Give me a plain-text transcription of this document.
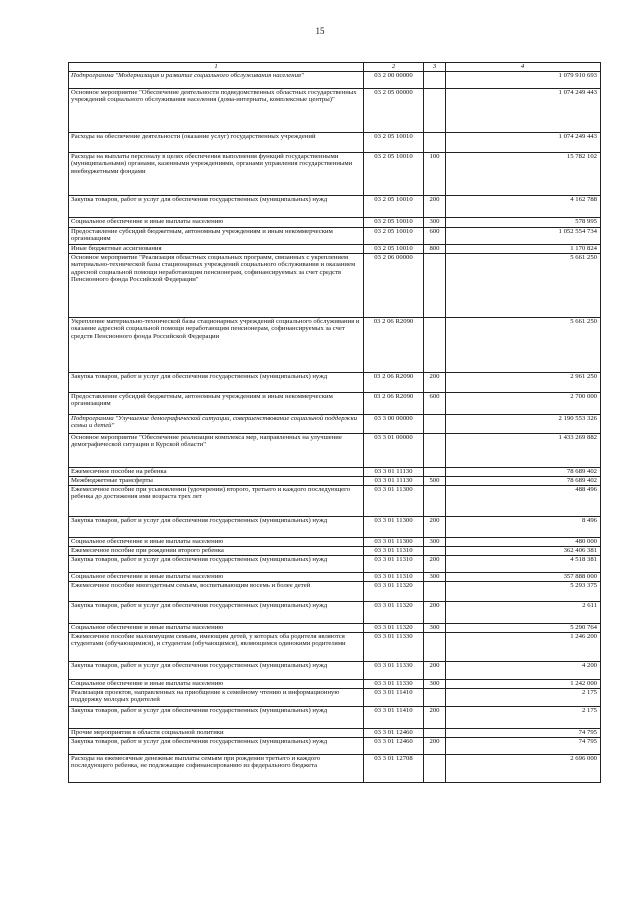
15
1	2	3	4
Подпрограмма "Модернизация и развитие социального обслуживания населения"	03 2 00 00000		1 079 910 693
Основное мероприятие "Обеспечение деятельности подведомственных областных государственных учреждений социального обслуживания населения (дома-интернаты, комплексные центры)"	03 2 05 00000		1 074 249 443
Расходы на обеспечение деятельности (оказание услуг) государственных учреждений	03 2 05 10010		1 074 249 443
Расходы на выплаты персоналу в целях обеспечения выполнения функций государственными (муниципальными) органами, казенными учреждениями, органами управления государственными внебюджетными фондами	03 2 05 10010	100	15 782 102
Закупка товаров, работ и услуг для обеспечения государственных (муниципальных) нужд	03 2 05 10010	200	4 162 788
Социальное обеспечение и иные выплаты населению	03 2 05 10010	300	578 995
Предоставление субсидий бюджетным, автономным учреждениям и иным некоммерческим организациям	03 2 05 10010	600	1 052 554 734
Иные бюджетные ассигнования	03 2 05 10010	800	1 170 824
Основное мероприятие "Реализация областных социальных программ, связанных с укреплением материально-технической базы стационарных учреждений социального обслуживания и оказанием адресной социальной помощи неработающим пенсионерам, софинансируемых за счет средств Пенсионного фонда Российской Федерации"	03 2 06 00000		5 661 250
Укрепление материально-технической базы стационарных учреждений социального обслуживания и оказание адресной социальной помощи неработающим пенсионерам, софинансируемых за счет средств Пенсионного фонда Российской Федерации	03 2 06 R2090		5 661 250
Закупка товаров, работ и услуг для обеспечения государственных (муниципальных) нужд	03 2 06 R2090	200	2 961 250
Предоставление субсидий бюджетным, автономным учреждениям и иным некоммерческим организациям	03 2 06 R2090	600	2 700 000
Подпрограмма "Улучшение демографической ситуации, совершенствование социальной поддержки семьи и детей"	03 3 00 00000		2 190 553 326
Основное мероприятие "Обеспечение реализации комплекса мер, направленных на улучшение демографической ситуации в Курской области"	03 3 01 00000		1 433 269 882
Ежемесячное пособие на ребенка	03 3 01 11130		78 689 402
Межбюджетные трансферты	03 3 01 11130	500	78 689 402
Ежемесячное пособие при усыновлении (удочерении) второго, третьего и каждого последующего ребенка до достижения ими возраста трех лет	03 3 01 11300		488 496
Закупка товаров, работ и услуг для обеспечения государственных (муниципальных) нужд	03 3 01 11300	200	8 496
Социальное обеспечение и иные выплаты населению	03 3 01 11300	300	480 000
Ежемесячное пособие при рождении второго ребенка	03 3 01 11310		362 406 381
Закупка товаров, работ и услуг для обеспечения государственных (муниципальных) нужд	03 3 01 11310	200	4 518 381
Социальное обеспечение и иные выплаты населению	03 3 01 11310	300	357 888 000
Ежемесячное пособие многодетным семьям, воспитывающим восемь и более детей	03 3 01 11320		5 293 375
Закупка товаров, работ и услуг для обеспечения государственных (муниципальных) нужд	03 3 01 11320	200	2 611
Социальное обеспечение и иные выплаты населению	03 3 01 11320	300	5 290 764
Ежемесячное пособие малоимущим семьям, имеющим детей, у которых оба родителя являются студентами (обучающимися), и студентам (обучающимся), являющимся одинокими родителями	03 3 01 11330		1 246 200
Закупка товаров, работ и услуг для обеспечения государственных (муниципальных) нужд	03 3 01 11330	200	4 200
Социальное обеспечение и иные выплаты населению	03 3 01 11330	300	1 242 000
Реализация проектов, направленных на приобщение к семейному чтению и информационную поддержку молодых родителей	03 3 01 11410		2 175
Закупка товаров, работ и услуг для обеспечения государственных (муниципальных) нужд	03 3 01 11410	200	2 175
Прочие мероприятия в области социальной политики	03 3 01 12460		74 795
Закупка товаров, работ и услуг для обеспечения государственных (муниципальных) нужд	03 3 01 12460	200	74 795
Расходы на ежемесячные денежные выплаты семьям при рождении третьего и каждого последующего ребенка, не подлежащие софинансированию из федерального бюджета	03 3 01 12708		2 696 000
